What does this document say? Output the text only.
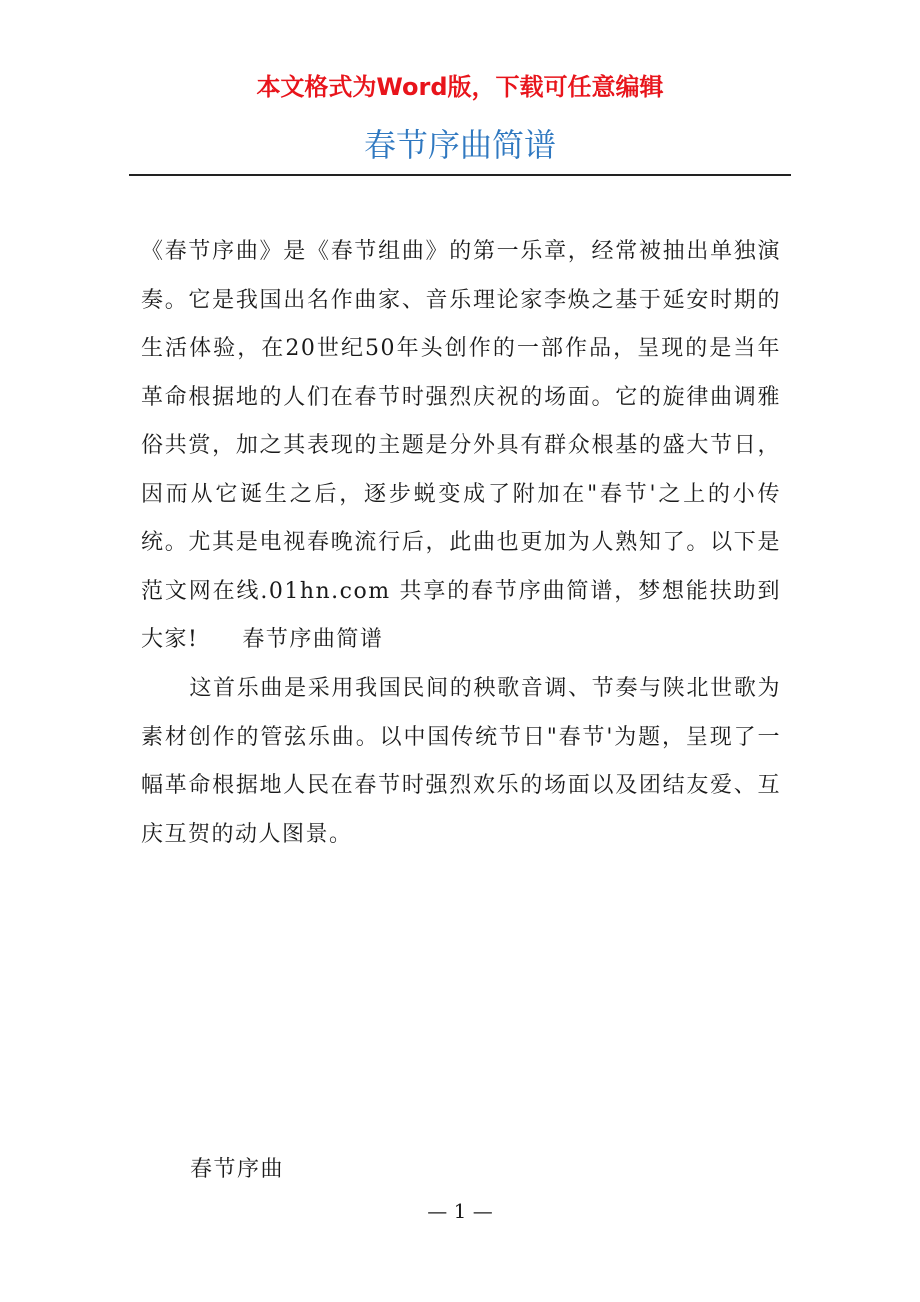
本文格式为Word版，下载可任意编辑
春节序曲简谱

《春节序曲》是《春节组曲》的第一乐章，经常被抽出单独演奏。它是我国出名作曲家、音乐理论家李焕之基于延安时期的生活体验，在20世纪50年头创作的一部作品，呈现的是当年革命根据地的人们在春节时强烈庆祝的场面。它的旋律曲调雅俗共赏，加之其表现的主题是分外具有群众根基的盛大节日，因而从它诞生之后，逐步蜕变成了附加在"春节'之上的小传统。尤其是电视春晚流行后，此曲也更加为人熟知了。以下是范文网在线.01hn.com 共享的春节序曲简谱，梦想能扶助到大家! 春节序曲简谱

这首乐曲是采用我国民间的秧歌音调、节奏与陕北世歌为素材创作的管弦乐曲。以中国传统节日"春节'为题，呈现了一幅革命根据地人民在春节时强烈欢乐的场面以及团结友爱、互庆互贺的动人图景。

春节序曲
— 1 —
